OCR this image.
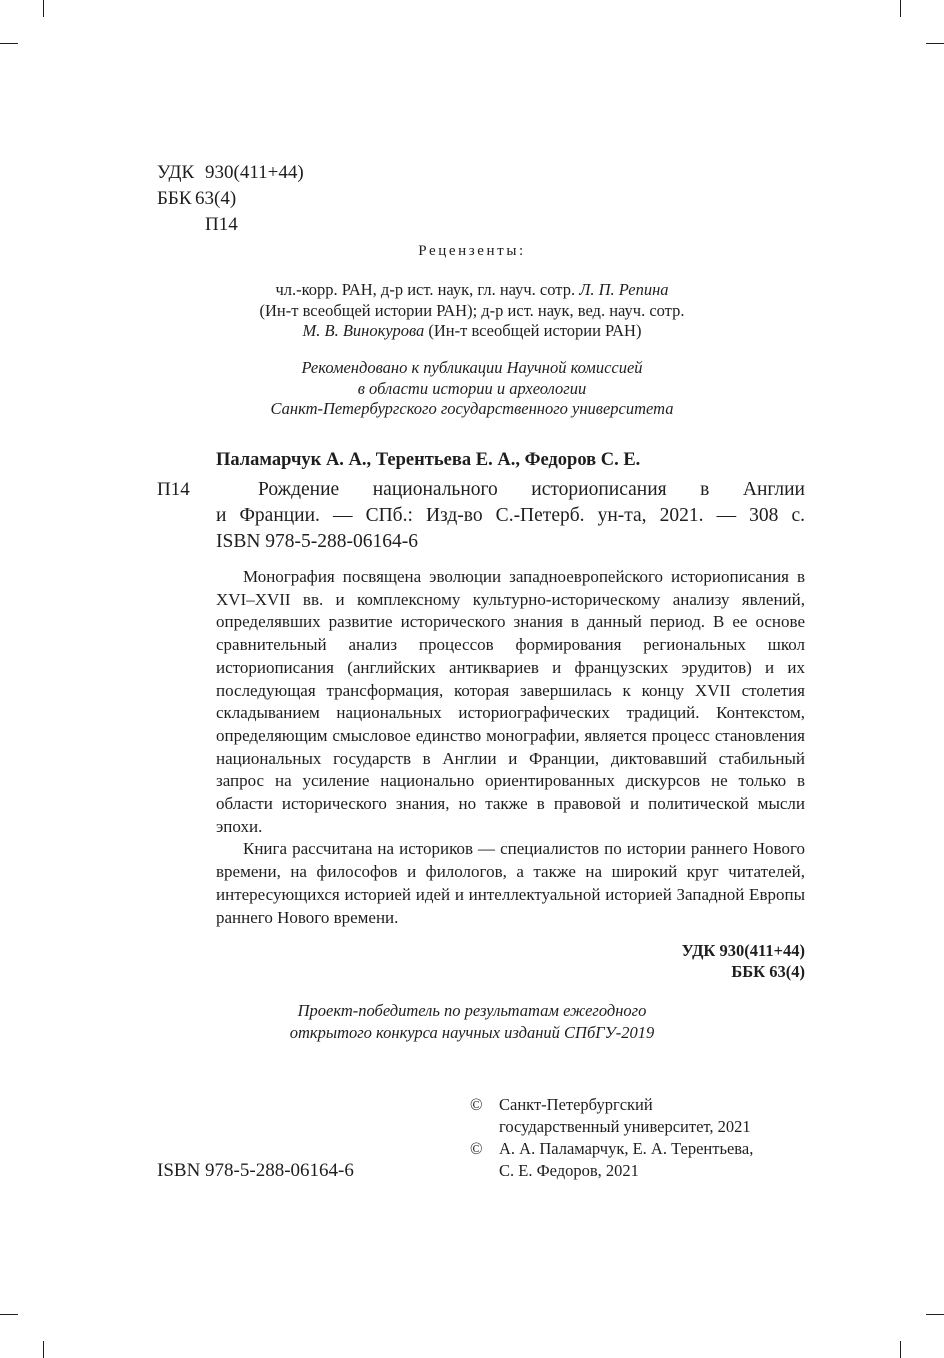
УДК 930(411+44)
ББК 63(4)
П14
Рецензенты:
чл.-корр. РАН, д-р ист. наук, гл. науч. сотр. Л. П. Репина
(Ин-т всеобщей истории РАН); д-р ист. наук, вед. науч. сотр.
М. В. Винокурова (Ин-т всеобщей истории РАН)
Рекомендовано к публикации Научной комиссией
в области истории и археологии
Санкт-Петербургского государственного университета
Паламарчук А. А., Терентьева Е. А., Федоров С. Е.
П14	Рождение национального историописания в Англии

и Франции. — СПб.: Изд-во С.-Петерб. ун-та, 2021. — 308 с.

ISBN 978-5-288-06164-6

Монография посвящена эволюции западноевропейского историописания в XVI–XVII вв. и комплексному культурно-историческому анализу явлений, определявших развитие исторического знания в данный период. В ее основе сравнительный анализ процессов формирования региональных школ историописания (английских антиквариев и французских эрудитов) и их последующая трансформация, которая завершилась к концу XVII столетия складыванием национальных историографических традиций. Контекстом, определяющим смысловое единство монографии, является процесс становления национальных государств в Англии и Франции, диктовавший стабильный запрос на усиление национально ориентированных дискурсов не только в области исторического знания, но также в правовой и политической мысли эпохи.

Книга рассчитана на историков — специалистов по истории раннего Нового времени, на философов и филологов, а также на широкий круг читателей, интересующихся историей идей и интеллектуальной историей Западной Европы раннего Нового времени.

УДК 930(411+44)
ББК 63(4)
Проект-победитель по результатам ежегодного
открытого конкурса научных изданий СПбГУ-2019
© Санкт-Петербургский
государственный университет, 2021
© А. А. Паламарчук, Е. А. Терентьева,
С. Е. Федоров, 2021
ISBN 978-5-288-06164-6
